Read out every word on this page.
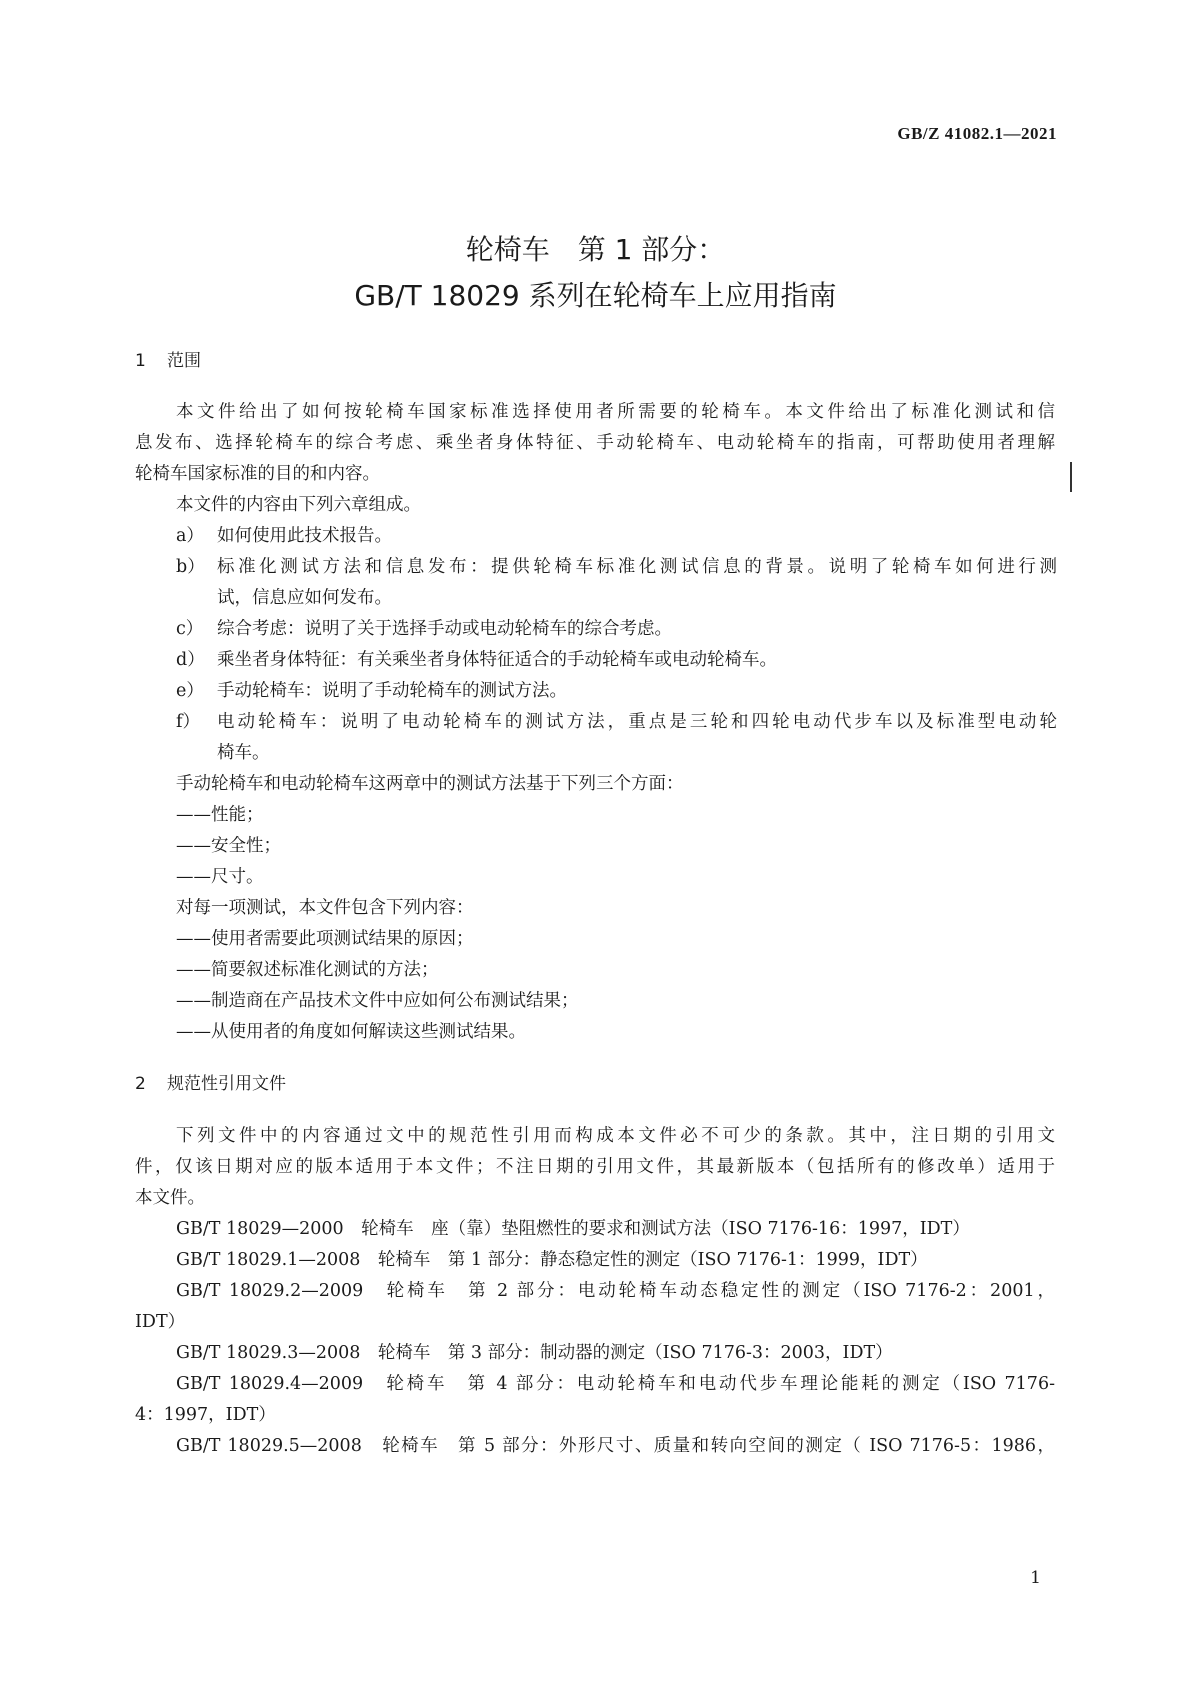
GB/Z 41082.1—2021
轮椅车　第 1 部分：
GB/T 18029 系列在轮椅车上应用指南
1 范围
本文件给出了如何按轮椅车国家标准选择使用者所需要的轮椅车。本文件给出了标准化测试和信
息发布、选择轮椅车的综合考虑、乘坐者身体特征、手动轮椅车、电动轮椅车的指南，可帮助使用者理解
轮椅车国家标准的目的和内容。
本文件的内容由下列六章组成。
a） 如何使用此技术报告。
b） 标准化测试方法和信息发布：提供轮椅车标准化测试信息的背景。说明了轮椅车如何进行测
试，信息应如何发布。
c） 综合考虑：说明了关于选择手动或电动轮椅车的综合考虑。
d） 乘坐者身体特征：有关乘坐者身体特征适合的手动轮椅车或电动轮椅车。
e） 手动轮椅车：说明了手动轮椅车的测试方法。
f） 电动轮椅车：说明了电动轮椅车的测试方法，重点是三轮和四轮电动代步车以及标准型电动轮
椅车。
手动轮椅车和电动轮椅车这两章中的测试方法基于下列三个方面：
——性能；
——安全性；
——尺寸。
对每一项测试，本文件包含下列内容：
——使用者需要此项测试结果的原因；
——简要叙述标准化测试的方法；
——制造商在产品技术文件中应如何公布测试结果；
——从使用者的角度如何解读这些测试结果。
2 规范性引用文件
下列文件中的内容通过文中的规范性引用而构成本文件必不可少的条款。其中，注日期的引用文
件，仅该日期对应的版本适用于本文件；不注日期的引用文件，其最新版本（包括所有的修改单）适用于
本文件。
GB/T 18029—2000　轮椅车　座（靠）垫阻燃性的要求和测试方法（ISO 7176-16：1997，IDT）
GB/T 18029.1—2008　轮椅车　第 1 部分：静态稳定性的测定（ISO 7176-1：1999，IDT）
GB/T 18029.2—2009　轮椅车　第 2 部分：电动轮椅车动态稳定性的测定（ISO 7176-2：2001，
IDT）
GB/T 18029.3—2008　轮椅车　第 3 部分：制动器的测定（ISO 7176-3：2003，IDT）
GB/T 18029.4—2009　轮椅车　第 4 部分：电动轮椅车和电动代步车理论能耗的测定（ISO 7176-
4：1997，IDT）
GB/T 18029.5—2008　轮椅车　第 5 部分：外形尺寸、质量和转向空间的测定（ ISO 7176-5：1986，
1
